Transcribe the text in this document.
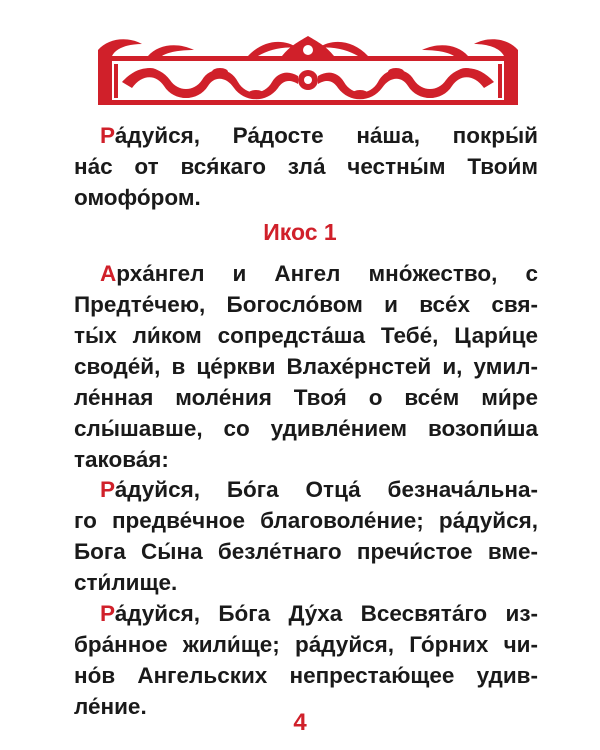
Ра́дуйся, Ра́досте на́ша, покры́й
на́с от вся́каго зла́ честны́м Твои́м
омофо́ром.
Икос 1
Арха́нгел и Ангел мно́жество, с
Предте́чею, Богосло́вом и все́х свя-
ты́х ли́ком сопредста́ша Тебе́, Цари́це
своде́й, в це́ркви Влахе́рнстей и, умил-
ле́нная моле́ния Твоя́ о все́м ми́ре
слы́шавше, со удивле́нием возопи́ша
такова́я:
Ра́дуйся, Бо́га Отца́ безнача́льна-
го предве́чное благоволе́ние; ра́дуйся,
Бога Сы́на безле́тнаго пречи́стое вме-
сти́лище.
Ра́дуйся, Бо́га Ду́ха Всесвята́го из-
бра́нное жили́ще; ра́дуйся, Го́рних чи-
но́в Ангельских непрестаю́щее удив-
ле́ние.
4
